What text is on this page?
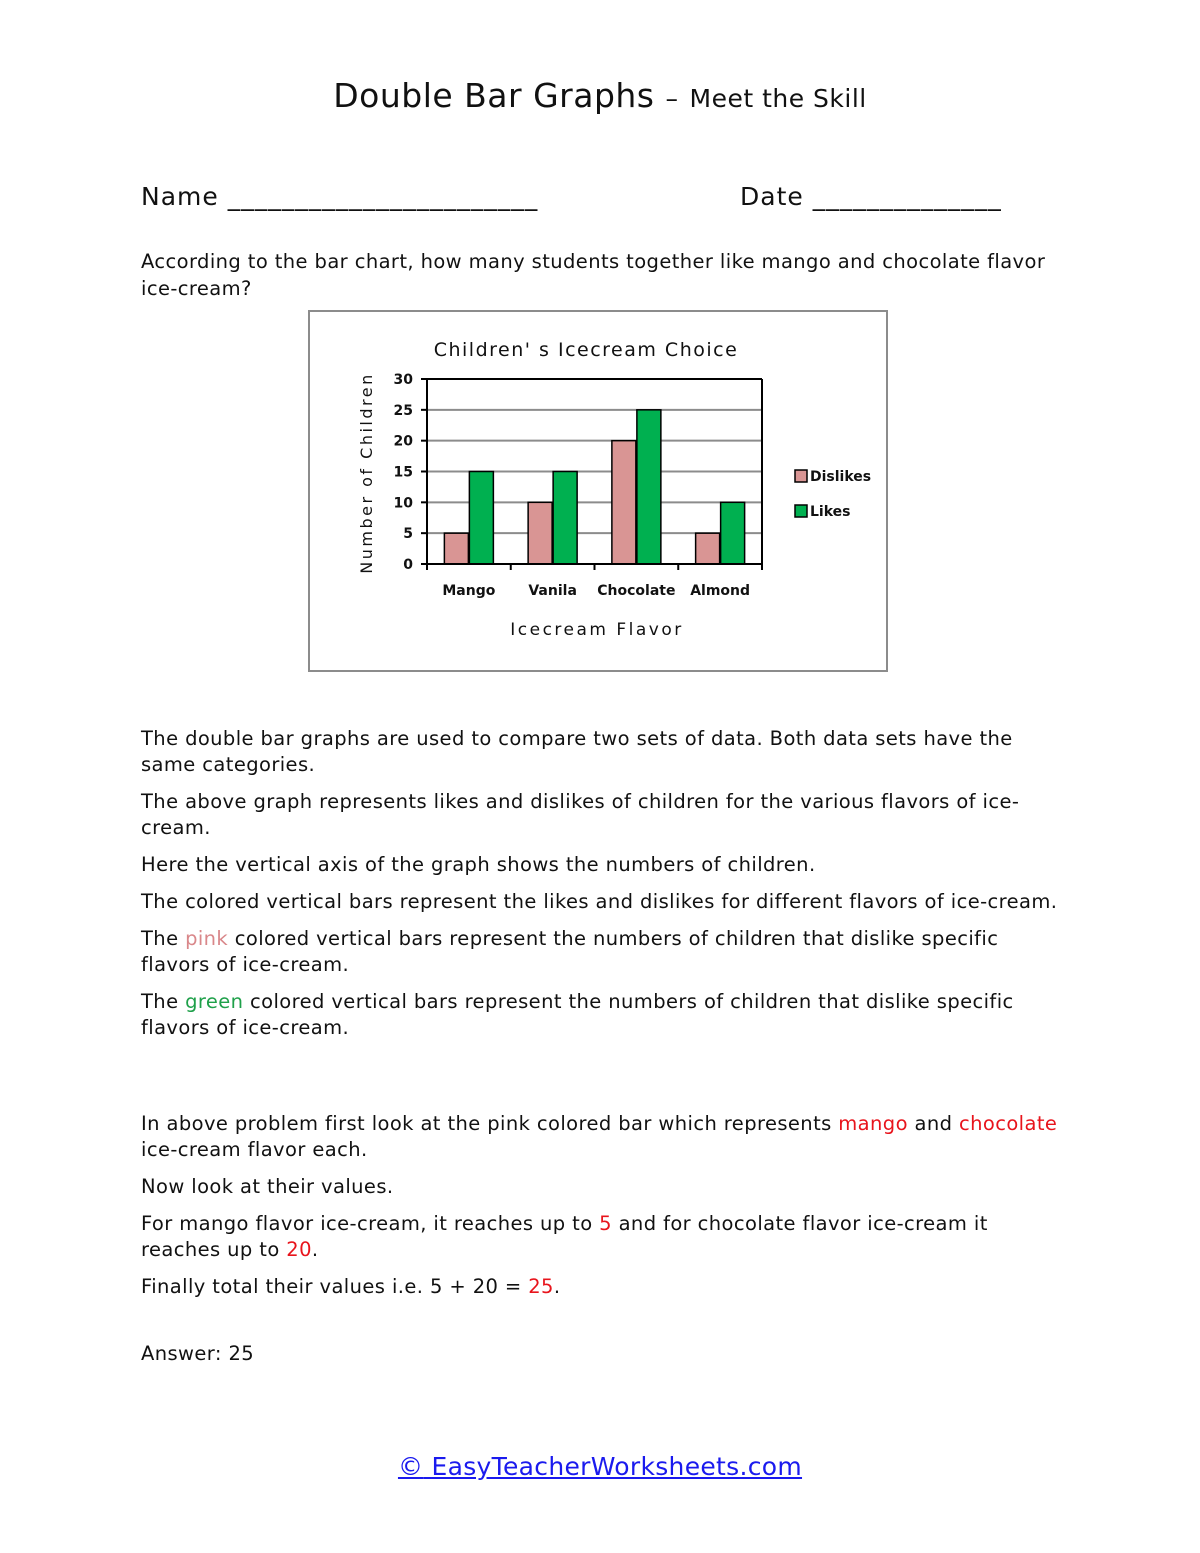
Double Bar Graphs – Meet the Skill
Name _______________________	Date ______________
According to the bar chart, how many students together like mango and chocolate flavor ice-cream?
Children' s Icecream Choice
Number of Children
Icecream Flavor
0
5
10
15
20
25
30
Mango Vanila Chocolate Almond
Dislikes
Likes

The double bar graphs are used to compare two sets of data. Both data sets have the same categories.

The above graph represents likes and dislikes of children for the various flavors of ice-cream.

Here the vertical axis of the graph shows the numbers of children.

The colored vertical bars represent the likes and dislikes for different flavors of ice-cream.

The pink colored vertical bars represent the numbers of children that dislike specific flavors of ice-cream.

The green colored vertical bars represent the numbers of children that dislike specific flavors of ice-cream.

In above problem first look at the pink colored bar which represents mango and chocolate ice-cream flavor each.

Now look at their values.

For mango flavor ice-cream, it reaches up to 5 and for chocolate flavor ice-cream it reaches up to 20.

Finally total their values i.e. 5 + 20 = 25.

Answer: 25
© EasyTeacherWorksheets.com
